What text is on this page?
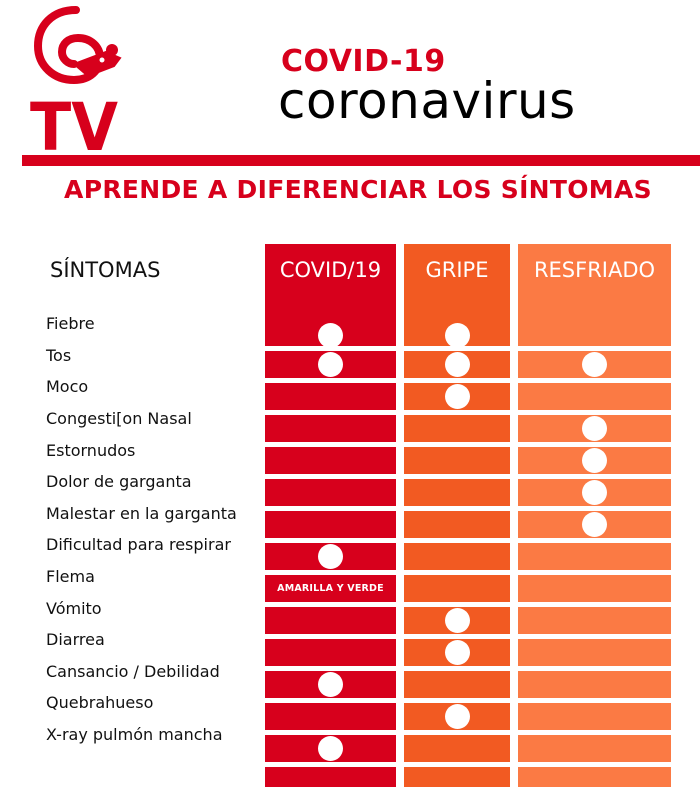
TV
COVID-19
coronavirus
APRENDE A DIFERENCIAR LOS SÍNTOMAS
SÍNTOMAS
Fiebre
Tos
Moco
Congesti[on Nasal
Estornudos
Dolor de garganta
Malestar en la garganta
Dificultad para respirar
Flema
Vómito
Diarrea
Cansancio / Debilidad
Quebrahueso
X-ray pulmón mancha
COVID/19
AMARILLA Y VERDE
GRIPE	RESFRIADO
